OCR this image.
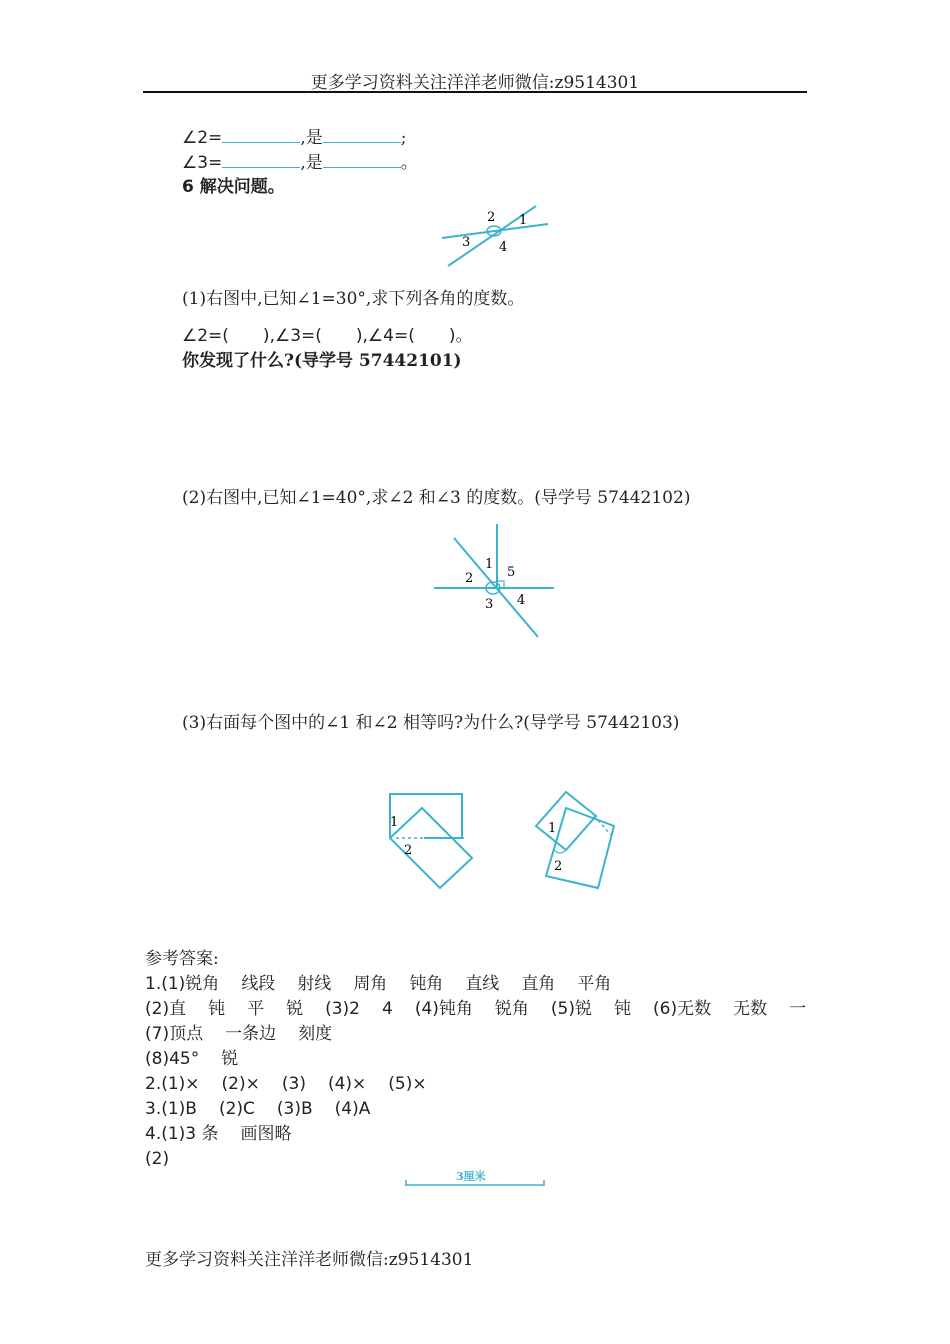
更多学习资料关注洋洋老师微信:z9514301
∠2=	,是	;
∠3=	,是	。
6 解决问题。
2 1
3 4
(1)右图中,已知∠1=30°,求下列各角的度数。
∠2=(　　),∠3=(　　),∠4=(　　)。
你发现了什么?(导学号 57442101)
(2)右图中,已知∠1=40°,求∠2 和∠3 的度数。(导学号 57442102)
1
2
3 4
5
(3)右面每个图中的∠1 和∠2 相等吗?为什么?(导学号 57442103)
1
2
1
2
参考答案:
1.(1)锐角 线段 射线 周角 钝角 直线 直角 平角
(2)直 钝 平 锐 (3)2 4 (4)钝角 锐角 (5)锐 钝 (6)无数 无数 一
(7)顶点 一条边 刻度
(8)45° 锐
2.(1)× (2)× (3) (4)× (5)×
3.(1)B (2)C (3)B (4)A
4.(1)3 条 画图略
(2)
3厘米
更多学习资料关注洋洋老师微信:z9514301
